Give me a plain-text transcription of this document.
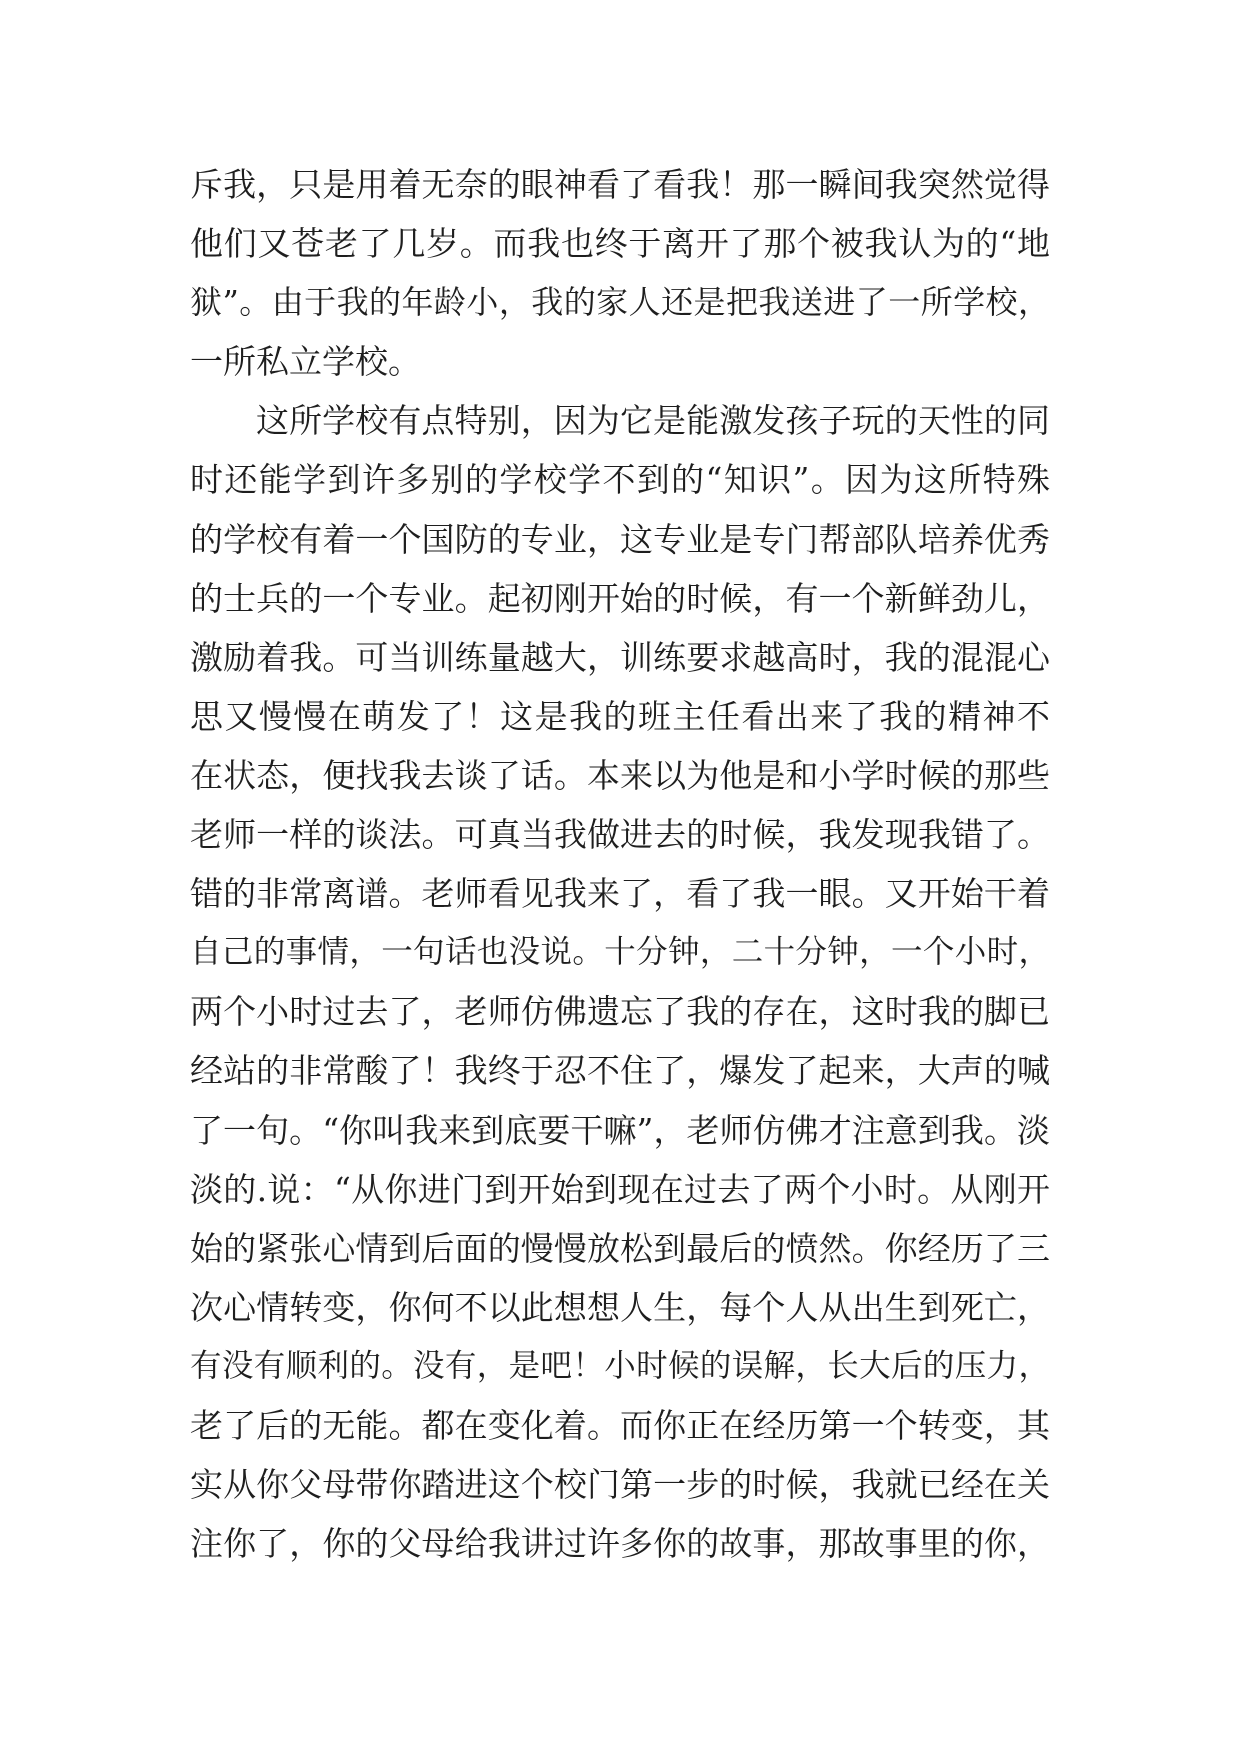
斥我，只是用着无奈的眼神看了看我！那一瞬间我突然觉得
他们又苍老了几岁。而我也终于离开了那个被我认为的“地
狱”。由于我的年龄小，我的家人还是把我送进了一所学校，
一所私立学校。
这所学校有点特别，因为它是能激发孩子玩的天性的同
时还能学到许多别的学校学不到的“知识”。因为这所特殊
的学校有着一个国防的专业，这专业是专门帮部队培养优秀
的士兵的一个专业。起初刚开始的时候，有一个新鲜劲儿，
激励着我。可当训练量越大，训练要求越高时，我的混混心
思又慢慢在萌发了！这是我的班主任看出来了我的精神不
在状态，便找我去谈了话。本来以为他是和小学时候的那些
老师一样的谈法。可真当我做进去的时候，我发现我错了。
错的非常离谱。老师看见我来了，看了我一眼。又开始干着
自己的事情，一句话也没说。十分钟，二十分钟，一个小时，
两个小时过去了，老师仿佛遗忘了我的存在，这时我的脚已
经站的非常酸了！我终于忍不住了，爆发了起来，大声的喊
了一句。“你叫我来到底要干嘛”，老师仿佛才注意到我。淡
淡的.说：“从你进门到开始到现在过去了两个小时。从刚开
始的紧张心情到后面的慢慢放松到最后的愤然。你经历了三
次心情转变，你何不以此想想人生，每个人从出生到死亡，
有没有顺利的。没有，是吧！小时候的误解，长大后的压力，
老了后的无能。都在变化着。而你正在经历第一个转变，其
实从你父母带你踏进这个校门第一步的时候，我就已经在关
注你了，你的父母给我讲过许多你的故事，那故事里的你，
